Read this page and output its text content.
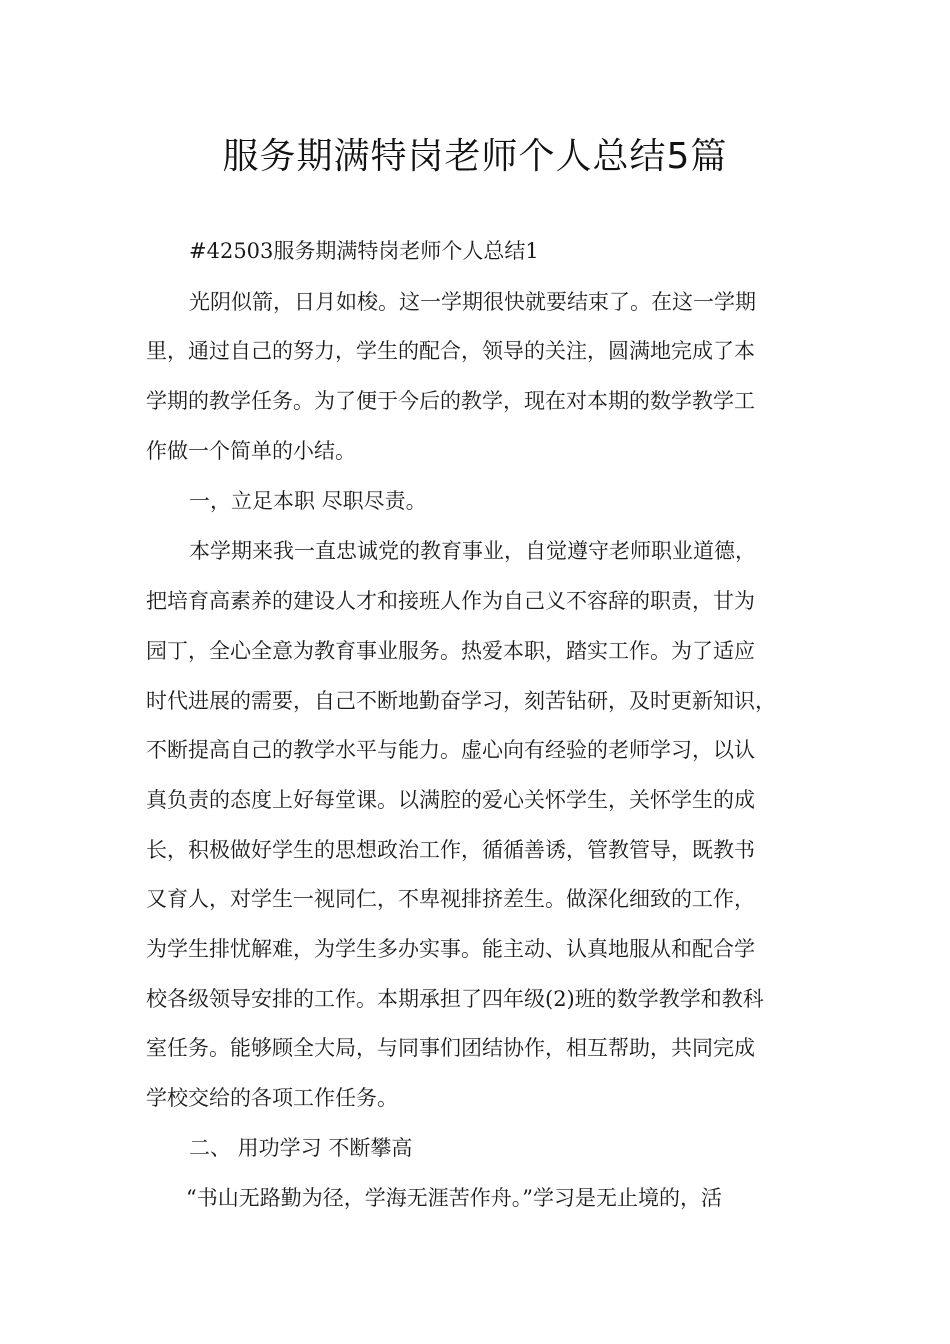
服务期满特岗老师个人总结5篇

#42503服务期满特岗老师个人总结1

光阴似箭，日月如梭。这一学期很快就要结束了。在这一学期

里，通过自己的努力，学生的配合，领导的关注，圆满地完成了本

学期的教学任务。为了便于今后的教学，现在对本期的数学教学工

作做一个简单的小结。

一，立足本职 尽职尽责。

本学期来我一直忠诚党的教育事业，自觉遵守老师职业道德，

把培育高素养的建设人才和接班人作为自己义不容辞的职责，甘为

园丁，全心全意为教育事业服务。热爱本职，踏实工作。为了适应

时代进展的需要，自己不断地勤奋学习，刻苦钻研，及时更新知识，

不断提高自己的教学水平与能力。虚心向有经验的老师学习，以认

真负责的态度上好每堂课。以满腔的爱心关怀学生，关怀学生的成

长，积极做好学生的思想政治工作，循循善诱，管教管导，既教书

又育人，对学生一视同仁，不卑视排挤差生。做深化细致的工作，

为学生排忧解难，为学生多办实事。能主动、认真地服从和配合学

校各级领导安排的工作。本期承担了四年级(2)班的数学教学和教科

室任务。能够顾全大局，与同事们团结协作，相互帮助，共同完成

学校交给的各项工作任务。

二、 用功学习 不断攀高

“书山无路勤为径，学海无涯苦作舟。”学习是无止境的，活
